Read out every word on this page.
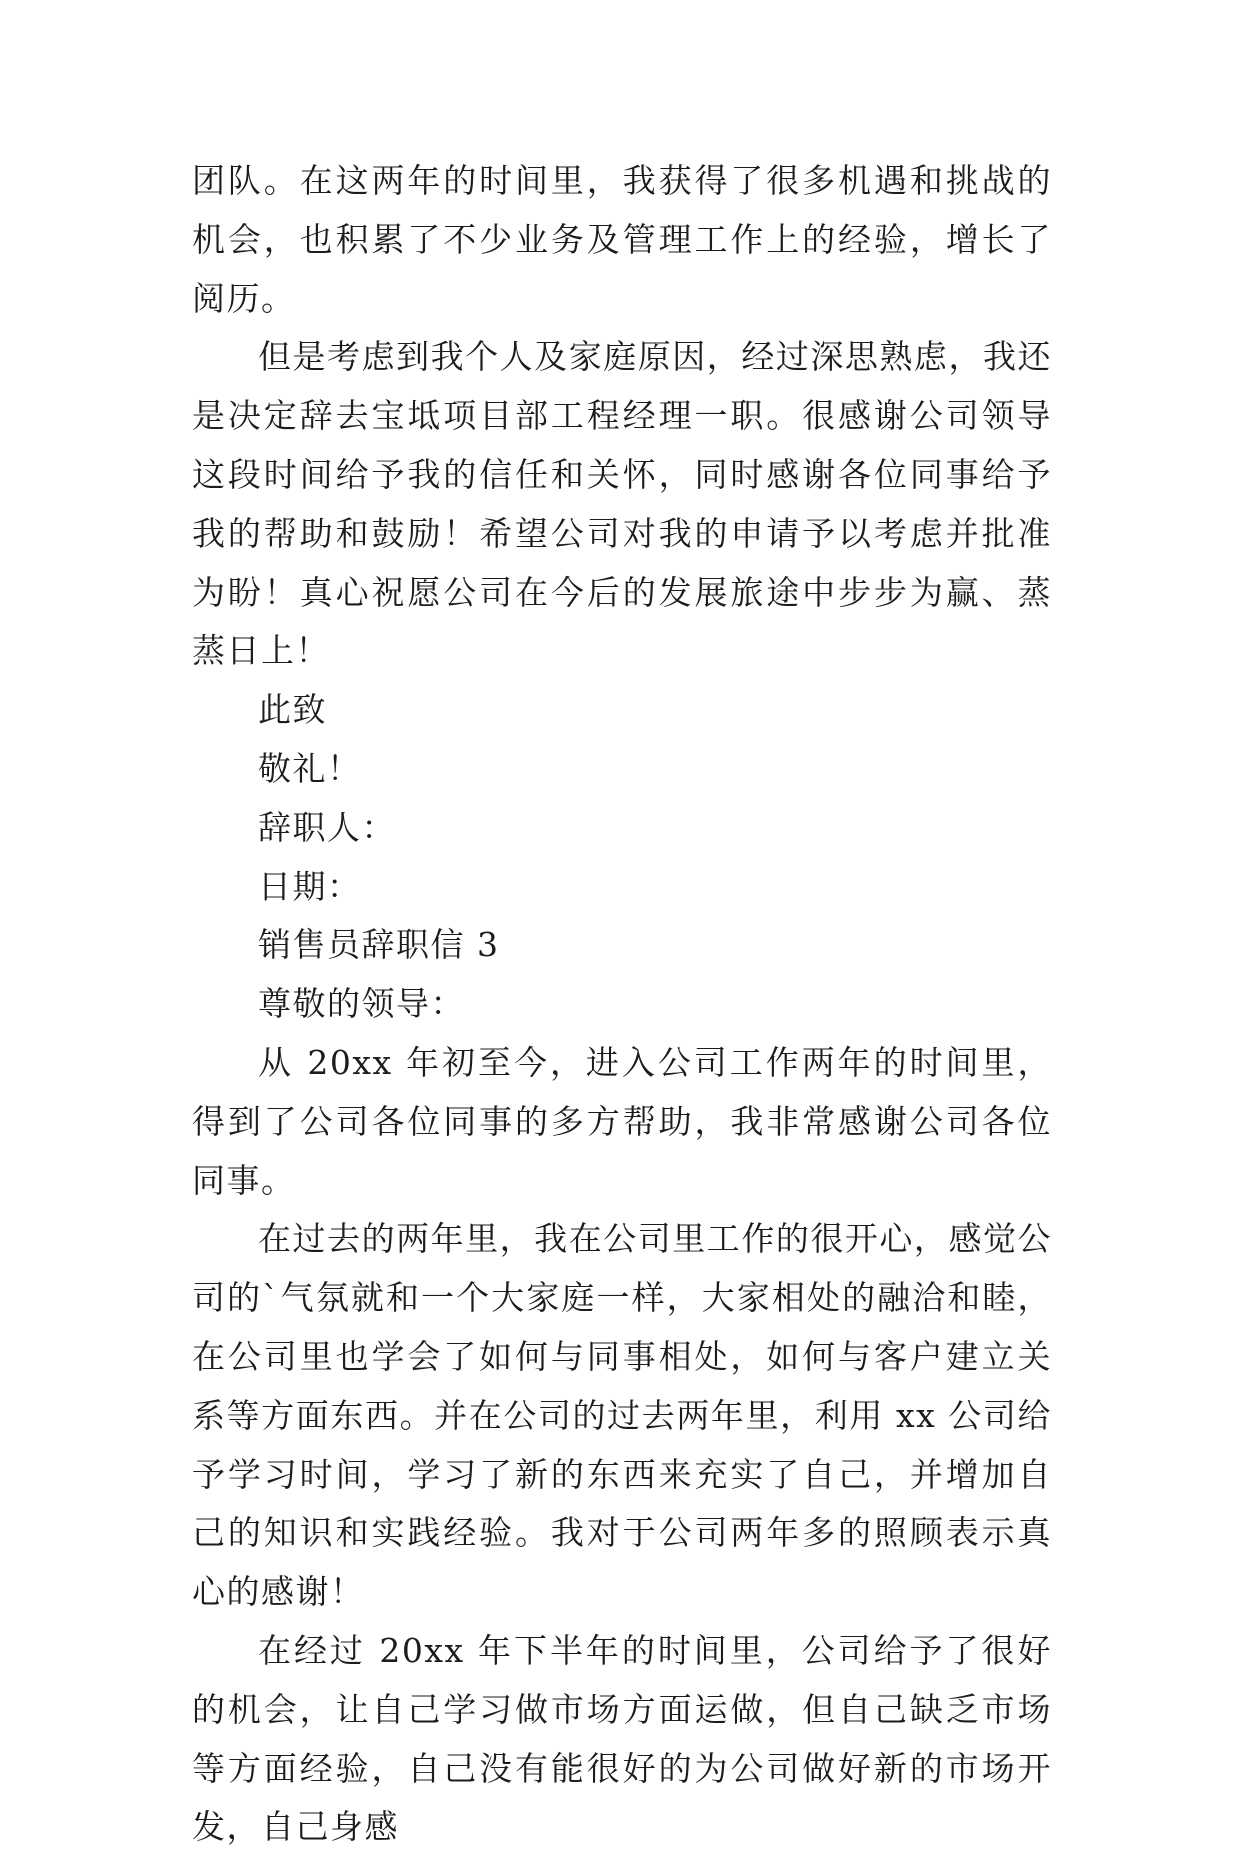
团队。在这两年的时间里，我获得了很多机遇和挑战的机会，也积累了不少业务及管理工作上的经验，增长了阅历。

但是考虑到我个人及家庭原因，经过深思熟虑，我还是决定辞去宝坻项目部工程经理一职。很感谢公司领导这段时间给予我的信任和关怀，同时感谢各位同事给予我的帮助和鼓励！希望公司对我的申请予以考虑并批准为盼！真心祝愿公司在今后的发展旅途中步步为赢、蒸蒸日上！

此致
敬礼！
辞职人：
日期：
销售员辞职信 3
尊敬的领导：

从 20xx 年初至今，进入公司工作两年的时间里，得到了公司各位同事的多方帮助，我非常感谢公司各位同事。

在过去的两年里，我在公司里工作的很开心，感觉公司的`气氛就和一个大家庭一样，大家相处的融洽和睦，在公司里也学会了如何与同事相处，如何与客户建立关系等方面东西。并在公司的过去两年里，利用 xx 公司给予学习时间，学习了新的东西来充实了自己，并增加自己的知识和实践经验。我对于公司两年多的照顾表示真心的感谢！

在经过 20xx 年下半年的时间里，公司给予了很好的机会，让自己学习做市场方面运做，但自己缺乏市场等方面经验，自己没有能很好的为公司做好新的市场开发，自己身感
